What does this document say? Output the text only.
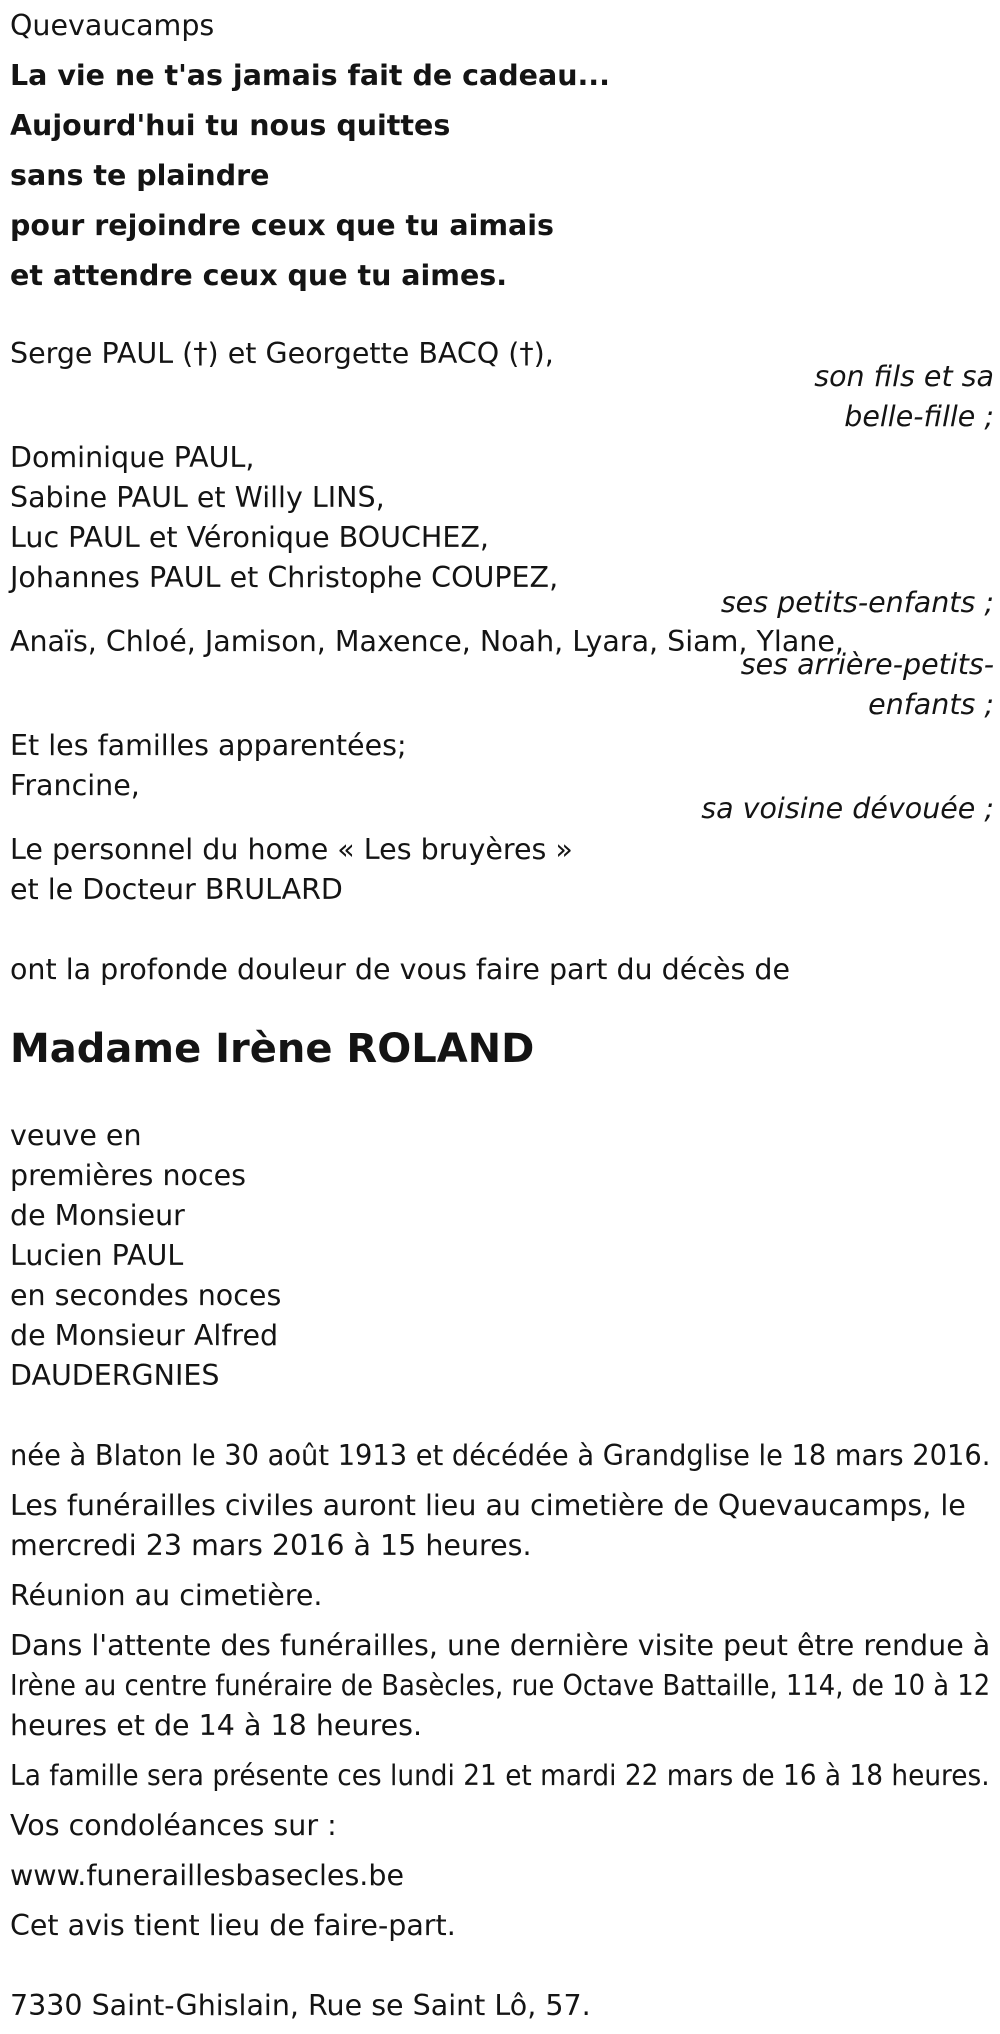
Quevaucamps
La vie ne t'as jamais fait de cadeau...
Aujourd'hui tu nous quittes
sans te plaindre
pour rejoindre ceux que tu aimais
et attendre ceux que tu aimes.
Serge PAUL (†) et Georgette BACQ (†),
son fils et sa
belle-fille ;
Dominique PAUL,
Sabine PAUL et Willy LINS,
Luc PAUL et Véronique BOUCHEZ,
Johannes PAUL et Christophe COUPEZ,
ses petits-enfants ;
Anaïs, Chloé, Jamison, Maxence, Noah, Lyara, Siam, Ylane,
ses arrière-petits-
enfants ;
Et les familles apparentées;
Francine,
sa voisine dévouée ;
Le personnel du home « Les bruyères »
et le Docteur BRULARD
ont la profonde douleur de vous faire part du décès de
Madame Irène ROLAND
veuve en
premières noces
de Monsieur
Lucien PAUL
en secondes noces
de Monsieur Alfred
DAUDERGNIES
née à Blaton le 30 août 1913 et décédée à Grandglise le 18 mars 2016.
Les funérailles civiles auront lieu au cimetière de Quevaucamps, le
mercredi 23 mars 2016 à 15 heures.
Réunion au cimetière.
Dans l'attente des funérailles, une dernière visite peut être rendue à
Irène au centre funéraire de Basècles, rue Octave Battaille, 114, de 10 à 12
heures et de 14 à 18 heures.
La famille sera présente ces lundi 21 et mardi 22 mars de 16 à 18 heures.
Vos condoléances sur :
www.funeraillesbasecles.be
Cet avis tient lieu de faire-part.
7330 Saint-Ghislain, Rue se Saint Lô, 57.
